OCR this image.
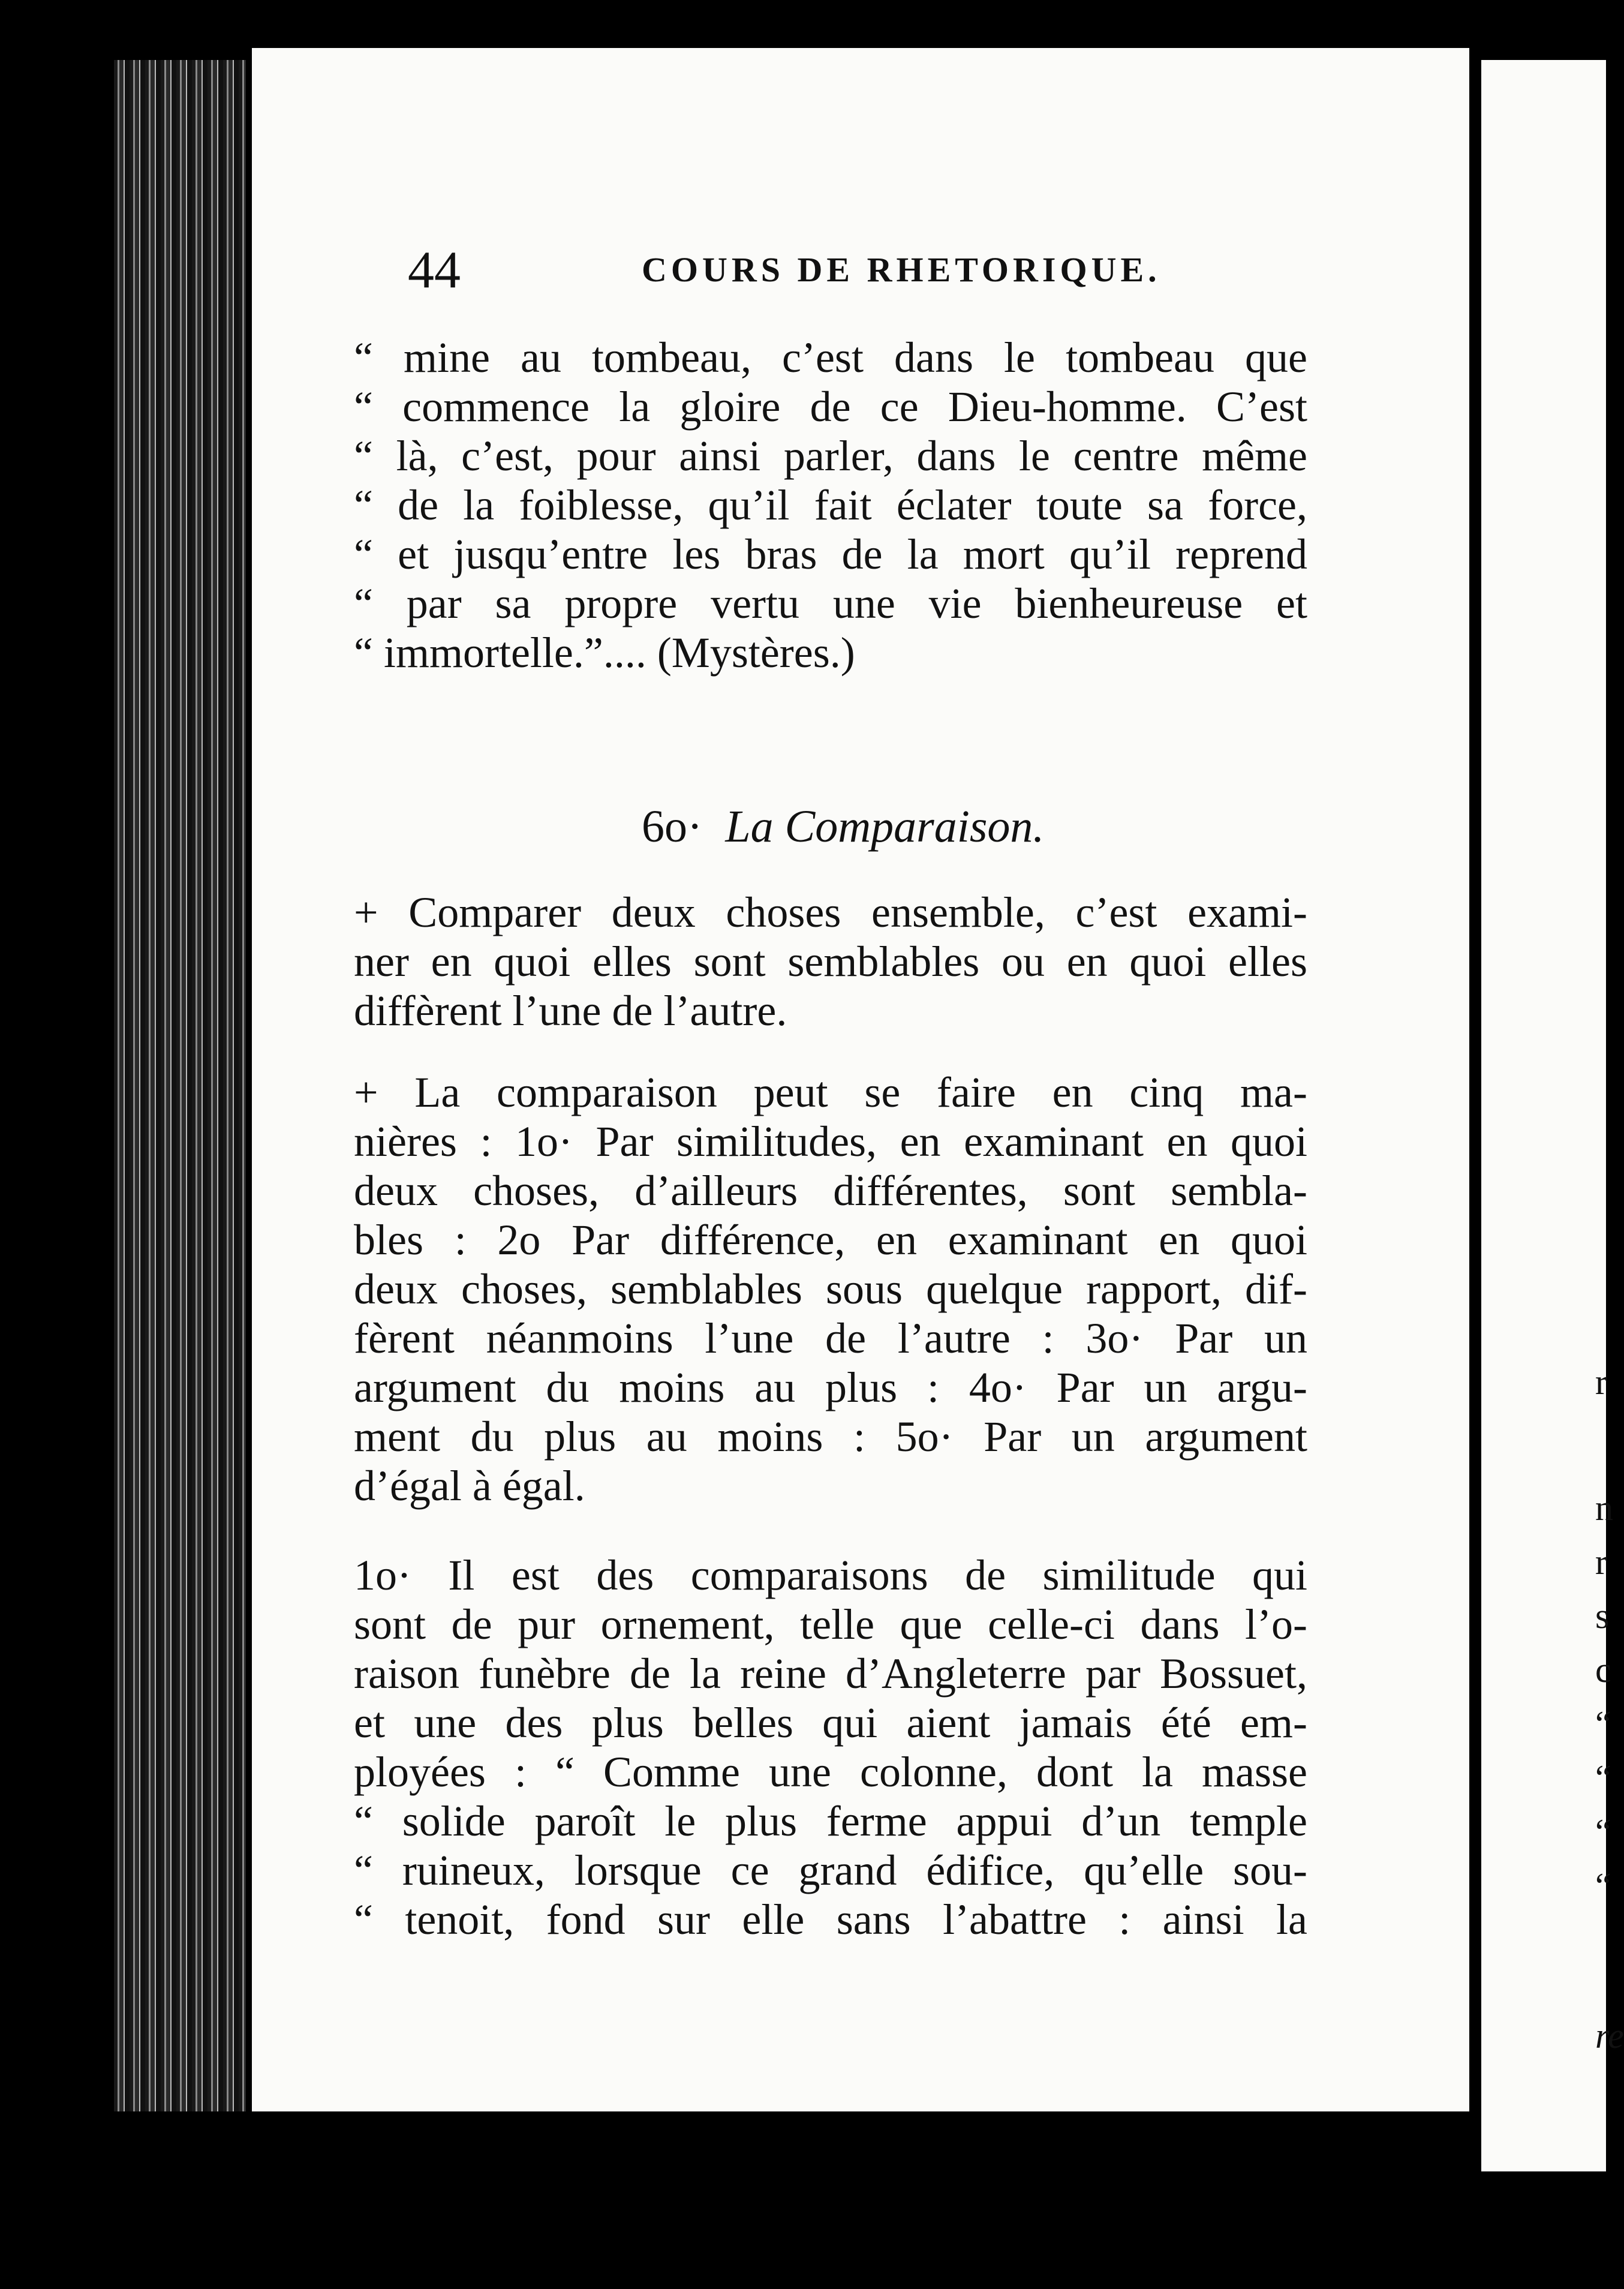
r
n
r
s
c
“
“
“
“
re
44	COURS DE RHETORIQUE.
“ mine au tombeau, c’est dans le tombeau que
“ commence la gloire de ce Dieu-homme. C’est
“ là, c’est, pour ainsi parler, dans le centre même
“ de la foiblesse, qu’il fait éclater toute sa force,
“ et jusqu’entre les bras de la mort qu’il reprend
“ par sa propre vertu une vie bienheureuse et
“ immortelle.”.... (Mystères.)
6o· La Comparaison.
+ Comparer deux choses ensemble, c’est exami-
ner en quoi elles sont semblables ou en quoi elles
diffèrent l’une de l’autre.
+ La comparaison peut se faire en cinq ma-
nières : 1o· Par similitudes, en examinant en quoi
deux choses, d’ailleurs différentes, sont sembla-
bles : 2o Par différence, en examinant en quoi
deux choses, semblables sous quelque rapport, dif-
fèrent néanmoins l’une de l’autre : 3o· Par un
argument du moins au plus : 4o· Par un argu-
ment du plus au moins : 5o· Par un argument
d’égal à égal.
1o· Il est des comparaisons de similitude qui
sont de pur ornement, telle que celle-ci dans l’o-
raison funèbre de la reine d’Angleterre par Bossuet,
et une des plus belles qui aient jamais été em-
ployées : “ Comme une colonne, dont la masse
“ solide paroît le plus ferme appui d’un temple
“ ruineux, lorsque ce grand édifice, qu’elle sou-
“ tenoit, fond sur elle sans l’abattre : ainsi la
